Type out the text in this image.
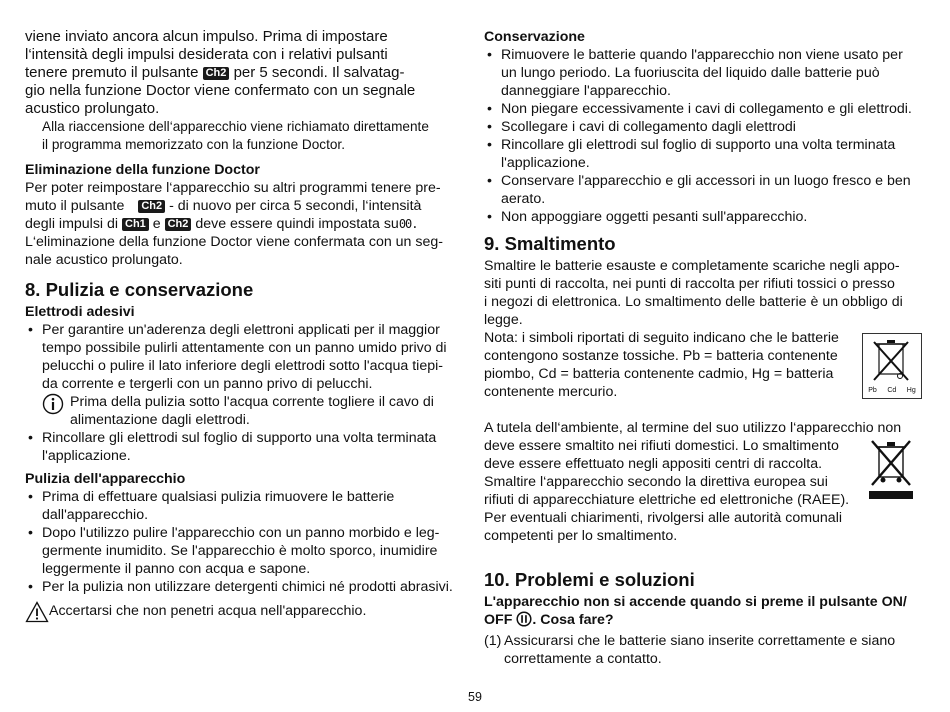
viene inviato ancora alcun impulso. Prima di impostare

l‘intensità degli impulsi desiderata con i relativi pulsanti

tenere premuto il pulsante Ch2 per 5 secondi. Il salvatag-

gio nella funzione Doctor viene confermato con un segnale

acustico prolungato.

Alla riaccensione dell‘apparecchio viene richiamato direttamente

il programma memorizzato con la funzione Doctor.

Eliminazione della funzione Doctor

Per poter reimpostare l‘apparecchio su altri programmi tenere pre-

muto il pulsante Ch2 - di nuovo per circa 5 secondi, l‘intensità

degli impulsi di Ch1 e Ch2 deve essere quindi impostata su00.

L‘eliminazione della funzione Doctor viene confermata con un seg-

nale acustico prolungato.

8. Pulizia e conservazione
Elettrodi adesivi
• Per garantire un'aderenza degli elettroni applicati per il maggior
tempo possibile pulirli attentamente con un panno umido privo di
pelucchi o pulire il lato inferiore degli elettrodi sotto l'acqua tiepi-
da corrente e tergerli con un panno privo di pelucchi.
Prima della pulizia sotto l'acqua corrente togliere il cavo di
alimentazione dagli elettrodi.
• Rincollare gli elettrodi sul foglio di supporto una volta terminata
l'applicazione.
Pulizia dell'apparecchio
• Prima di effettuare qualsiasi pulizia rimuovere le batterie
dall'apparecchio.
• Dopo l'utilizzo pulire l'apparecchio con un panno morbido e leg-
germente inumidito. Se l'apparecchio è molto sporco, inumidire
leggermente il panno con acqua e sapone.
• Per la pulizia non utilizzare detergenti chimici né prodotti abrasivi.
Accertarsi che non penetri acqua nell'apparecchio.
Conservazione
• Rimuovere le batterie quando l'apparecchio non viene usato per
un lungo periodo. La fuoriuscita del liquido dalle batterie può
danneggiare l'apparecchio.
• Non piegare eccessivamente i cavi di collegamento e gli elettrodi.
• Scollegare i cavi di collegamento dagli elettrodi
• Rincollare gli elettrodi sul foglio di supporto una volta terminata
l'applicazione.
• Conservare l'apparecchio e gli accessori in un luogo fresco e ben
aerato.
• Non appoggiare oggetti pesanti sull'apparecchio.
9. Smaltimento

Smaltire le batterie esauste e completamente scariche negli appo-

siti punti di raccolta, nei punti di raccolta per rifiuti tossici o presso

i negozi di elettronica. Lo smaltimento delle batterie è un obbligo di

legge.

Nota: i simboli riportati di seguito indicano che le batterie

contengono sostanze tossiche. Pb = batteria contenente

piombo, Cd = batteria contenente cadmio, Hg = batteria

contenente mercurio.	Pb Cd Hg

A tutela dell‘ambiente, al termine del suo utilizzo l‘apparecchio non

deve essere smaltito nei rifiuti domestici. Lo smaltimento

deve essere effettuato negli appositi centri di raccolta.

Smaltire l‘apparecchio secondo la direttiva europea sui

rifiuti di apparecchiature elettriche ed elettroniche (RAEE).

Per eventuali chiarimenti, rivolgersi alle autorità comunali

competenti per lo smaltimento.

10. Problemi e soluzioni

L'apparecchio non si accende quando si preme il pulsante ON/

OFF . Cosa fare?

(1) Assicurarsi che le batterie siano inserite correttamente e siano
correttamente a contatto.
59
